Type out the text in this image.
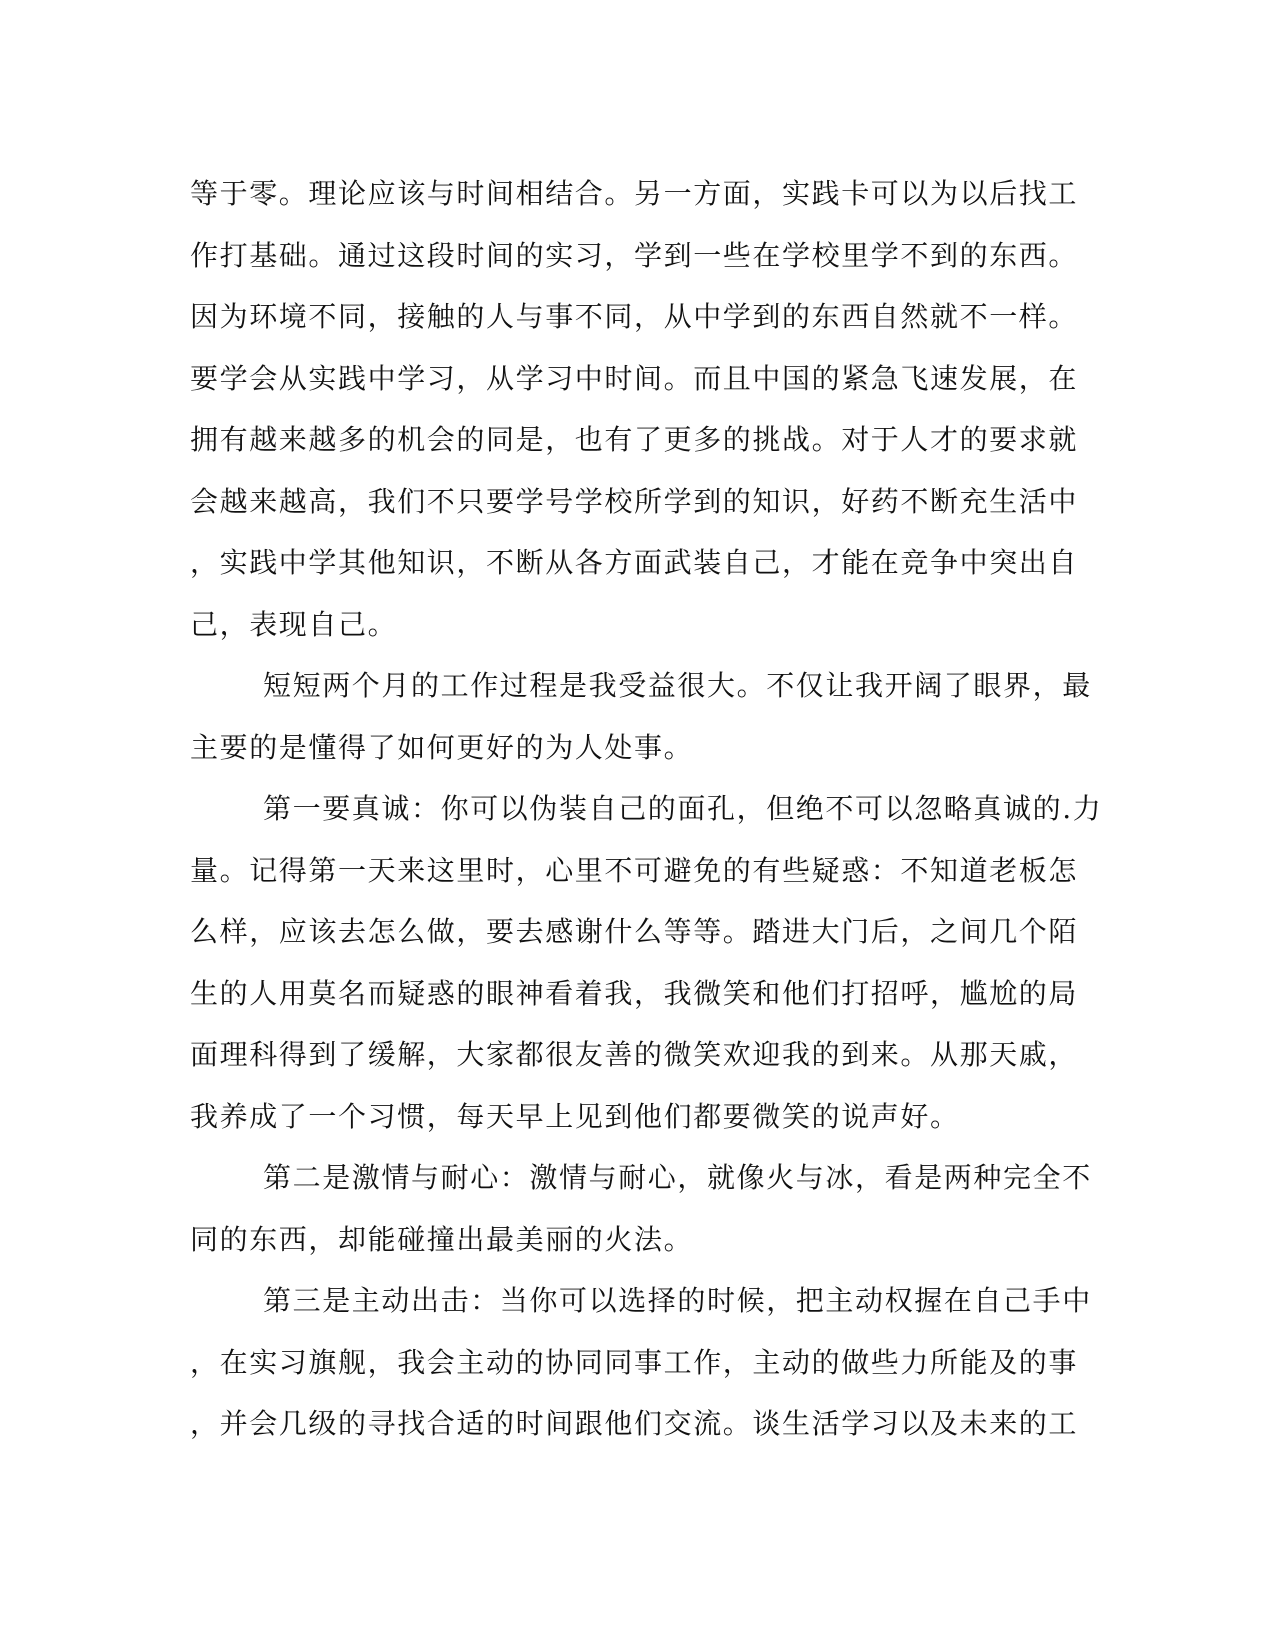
等于零。理论应该与时间相结合。另一方面，实践卡可以为以后找工
作打基础。通过这段时间的实习，学到一些在学校里学不到的东西。
因为环境不同，接触的人与事不同，从中学到的东西自然就不一样。
要学会从实践中学习，从学习中时间。而且中国的紧急飞速发展，在
拥有越来越多的机会的同是，也有了更多的挑战。对于人才的要求就
会越来越高，我们不只要学号学校所学到的知识，好药不断充生活中
，实践中学其他知识，不断从各方面武装自己，才能在竞争中突出自
己，表现自己。
短短两个月的工作过程是我受益很大。不仅让我开阔了眼界，最
主要的是懂得了如何更好的为人处事。
第一要真诚：你可以伪装自己的面孔，但绝不可以忽略真诚的.力
量。记得第一天来这里时，心里不可避免的有些疑惑：不知道老板怎
么样，应该去怎么做，要去感谢什么等等。踏进大门后，之间几个陌
生的人用莫名而疑惑的眼神看着我，我微笑和他们打招呼，尴尬的局
面理科得到了缓解，大家都很友善的微笑欢迎我的到来。从那天戚，
我养成了一个习惯，每天早上见到他们都要微笑的说声好。
第二是激情与耐心：激情与耐心，就像火与冰，看是两种完全不
同的东西，却能碰撞出最美丽的火法。
第三是主动出击：当你可以选择的时候，把主动权握在自己手中
，在实习旗舰，我会主动的协同同事工作，主动的做些力所能及的事
，并会几级的寻找合适的时间跟他们交流。谈生活学习以及未来的工
